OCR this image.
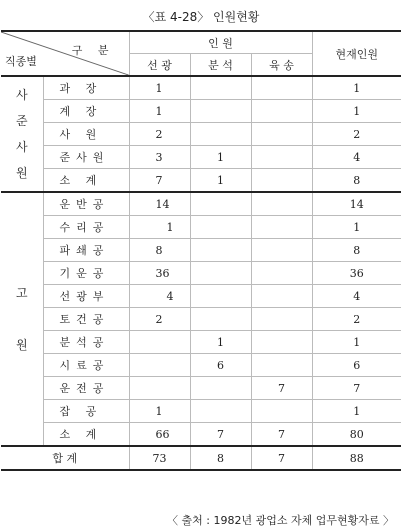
〈표 4-28〉 인원현황
구 분
직종별		인 원			현재인원
		선 광	분 석	육 송	

사
준
사
원	과 장	1			1
	계 장	1			1
	사 원	2			2
	준사원	3	1		4
	소 계	7	1		8

고
원	운반공	14			14
	수리공	1			1
	파쇄공	8			8
	기운공	36			36
	선광부	4			4
	토건공	2			2
	분석공		1		1
	시료공		6		6
	운전공			7	7
	잡 공	1			1
	소 계	66	7	7	80
합 계		73	8	7	88
〈 출처 : 1982년 광업소 자체 업무현황자료 〉
